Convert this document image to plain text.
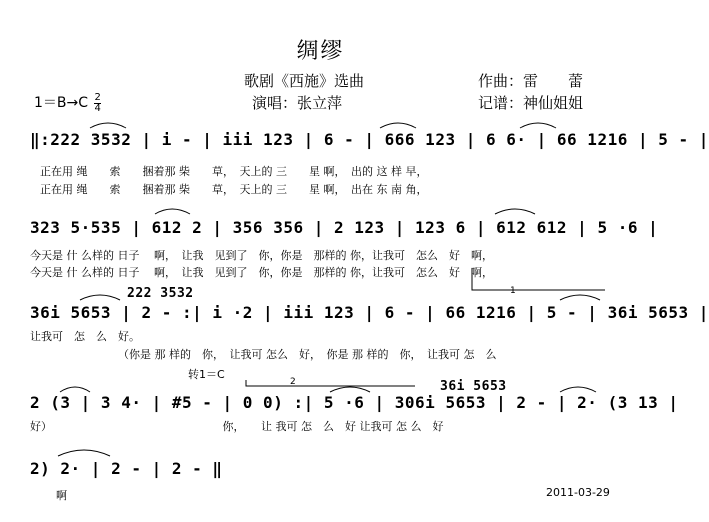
绸缪
歌剧《西施》选曲
演唱：张立萍
作曲：雷　　蕾
记谱：神仙姐姐
$1=B\to C \frac{2}{4}$
‖:222 3532 | i - | iii 123 | 6 - | 666 123 | 6 6· | 66 1216 | 5 - |
正在用 绳　　索　　捆着那 柴　　草，　天上的 三　　星 啊，　出的 这 样 早，
正在用 绳　　索　　捆着那 柴　　草，　天上的 三　　星 啊，　出在 东 南 角，
323 5·535 | 612 2 | 356 356 | 2 123 | 123 6 | 612 612 | 5 ·6 |
今天是 什 么样的 日子　 啊，　让我　见到了　你，你是　那样的 你，让我可　怎么　好　啊，
今天是 什 么样的 日子　 啊，　让我　见到了　你，你是　那样的 你，让我可　怎么　好　啊，
222 3532
36i 5653 | 2 - :| i ·2 | iii 123 | 6 - | 66 1216 | 5 - | 36i 5653 |
让我可　怎　么　好。
（你是 那 样的　你，　让我可 怎么　好，　你是 那 样的　你，　让我可 怎　么
转1＝C
36i 5653
2 (3 | 3 4· | #5 - | 0 0) :| 5 ·6 | 306i 5653 | 2 - | 2· (3 13 |
好）　　　　　　　　　　　　　　　　你，　　让 我可 怎　么　好 让我可 怎 么　好
2) 2· | 2 - | 2 - ‖
啊	2011-03-29
1
2
